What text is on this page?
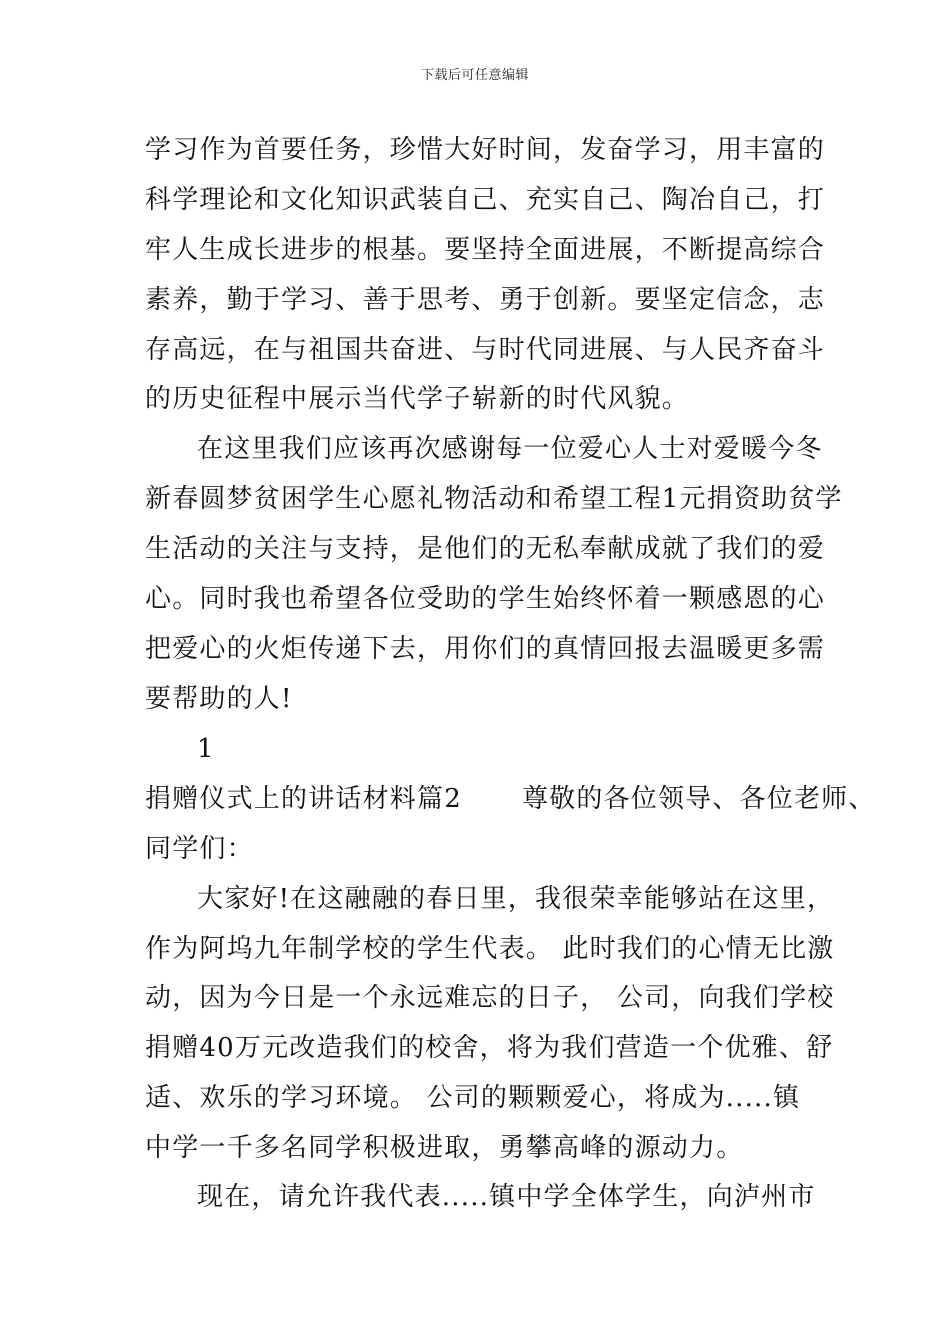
下载后可任意编辑
学习作为首要任务，珍惜大好时间，发奋学习，用丰富的
科学理论和文化知识武装自己、充实自己、陶冶自己，打
牢人生成长进步的根基。要坚持全面进展，不断提高综合
素养，勤于学习、善于思考、勇于创新。要坚定信念，志
存高远，在与祖国共奋进、与时代同进展、与人民齐奋斗
的历史征程中展示当代学子崭新的时代风貌。
在这里我们应该再次感谢每一位爱心人士对爱暖今冬
新春圆梦贫困学生心愿礼物活动和希望工程1元捐资助贫学
生活动的关注与支持，是他们的无私奉献成就了我们的爱
心。同时我也希望各位受助的学生始终怀着一颗感恩的心
把爱心的火炬传递下去，用你们的真情回报去温暖更多需
要帮助的人!
1
捐赠仪式上的讲话材料篇2 尊敬的各位领导、各位老师、
同学们：
大家好!在这融融的春日里，我很荣幸能够站在这里，
作为阿坞九年制学校的学生代表。 此时我们的心情无比激
动，因为今日是一个永远难忘的日子， 公司，向我们学校
捐赠40万元改造我们的校舍，将为我们营造一个优雅、舒
适、欢乐的学习环境。 公司的颗颗爱心，将成为.....镇
中学一千多名同学积极进取，勇攀高峰的源动力。
现在，请允许我代表.....镇中学全体学生，向泸州市
